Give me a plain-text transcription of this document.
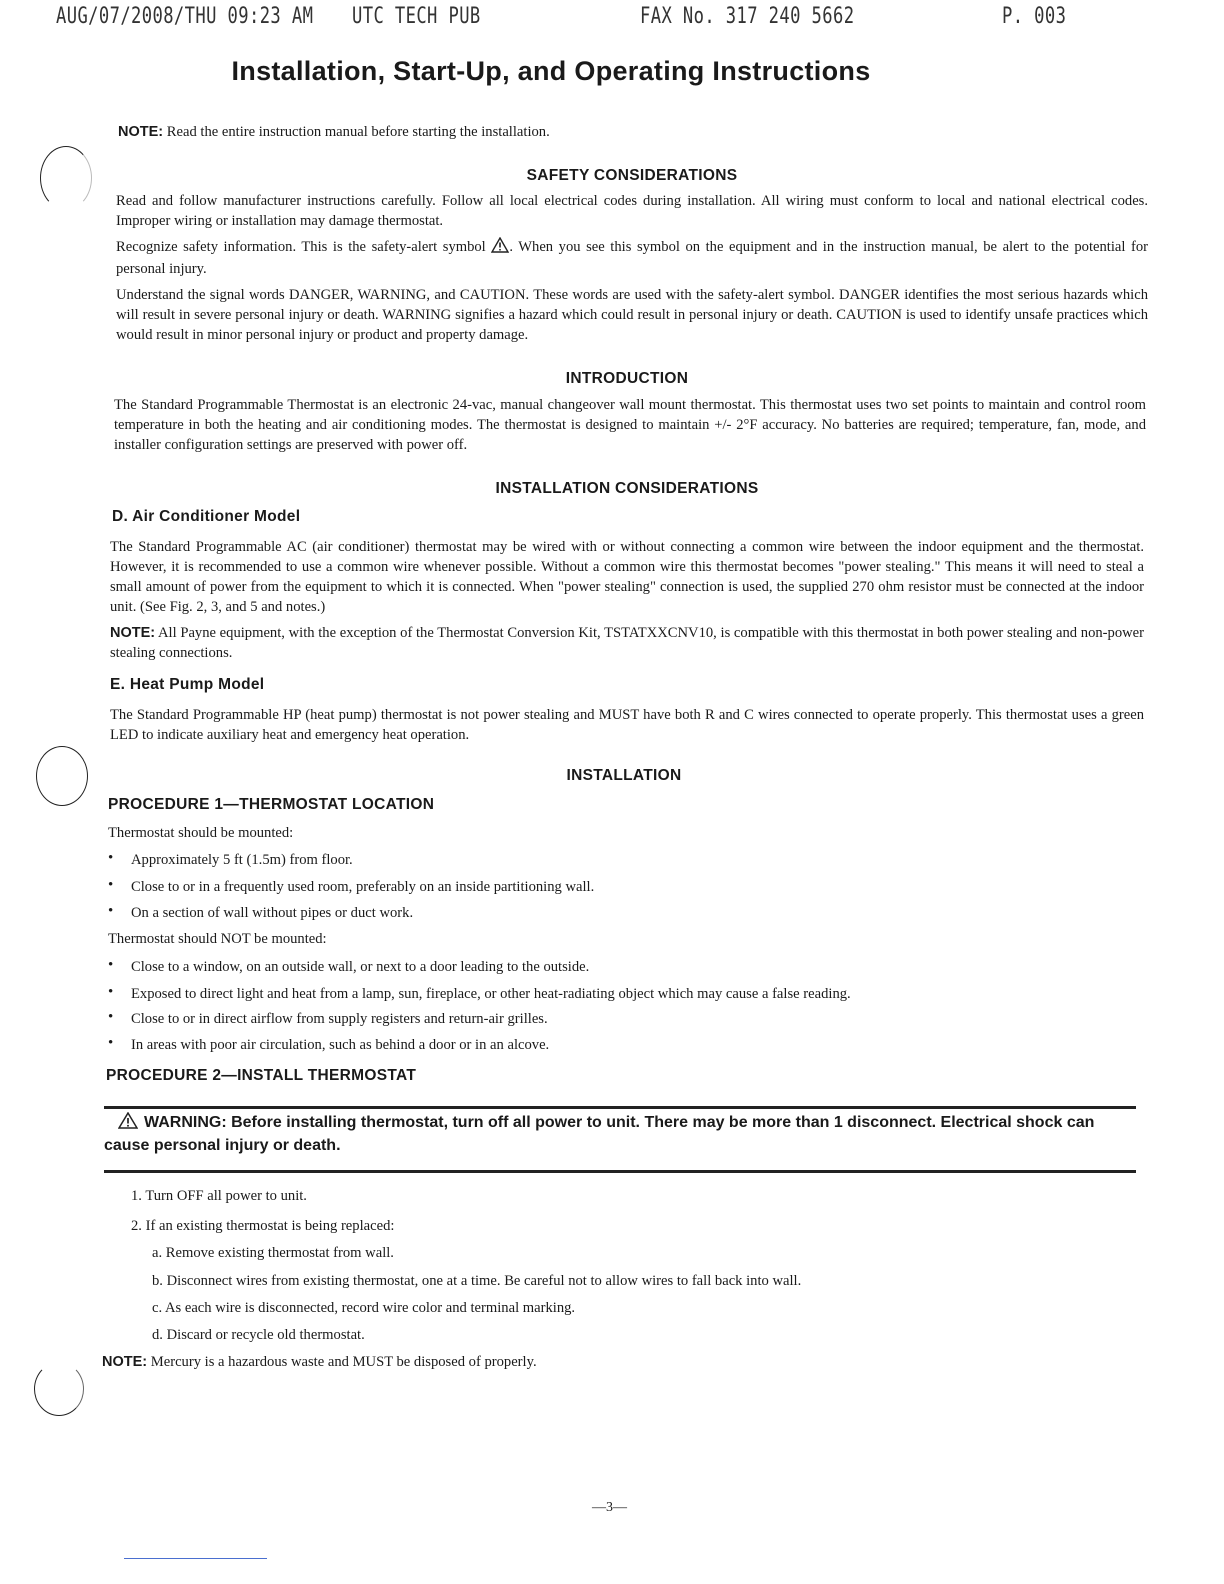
AUG/07/2008/THU 09:23 AM UTC TECH PUB	FAX No. 317 240 5662	P. 003
Installation, Start-Up, and Operating Instructions
NOTE: Read the entire instruction manual before starting the installation.
SAFETY CONSIDERATIONS

Read and follow manufacturer instructions carefully. Follow all local electrical codes during installation. All wiring must conform to local and national electrical codes. Improper wiring or installation may damage thermostat.

Recognize safety information. This is the safety-alert symbol . When you see this symbol on the equipment and in the instruction manual, be alert to the potential for personal injury.

Understand the signal words DANGER, WARNING, and CAUTION. These words are used with the safety-alert symbol. DANGER identifies the most serious hazards which will result in severe personal injury or death. WARNING signifies a hazard which could result in personal injury or death. CAUTION is used to identify unsafe practices which would result in minor personal injury or product and property damage.

INTRODUCTION

The Standard Programmable Thermostat is an electronic 24-vac, manual changeover wall mount thermostat. This thermostat uses two set points to maintain and control room temperature in both the heating and air conditioning modes. The thermostat is designed to maintain +/- 2°F accuracy. No batteries are required; temperature, fan, mode, and installer configuration settings are preserved with power off.

INSTALLATION CONSIDERATIONS
D. Air Conditioner Model

The Standard Programmable AC (air conditioner) thermostat may be wired with or without connecting a common wire between the indoor equipment and the thermostat. However, it is recommended to use a common wire whenever possible. Without a common wire this thermostat becomes "power stealing." This means it will need to steal a small amount of power from the equipment to which it is connected. When "power stealing" connection is used, the supplied 270 ohm resistor must be connected at the indoor unit. (See Fig. 2, 3, and 5 and notes.)

NOTE: All Payne equipment, with the exception of the Thermostat Conversion Kit, TSTATXXCNV10, is compatible with this thermostat in both power stealing and non-power stealing connections.

E. Heat Pump Model

The Standard Programmable HP (heat pump) thermostat is not power stealing and MUST have both R and C wires connected to operate properly. This thermostat uses a green LED to indicate auxiliary heat and emergency heat operation.

INSTALLATION
PROCEDURE 1—THERMOSTAT LOCATION
Thermostat should be mounted:
• Approximately 5 ft (1.5m) from floor.
• Close to or in a frequently used room, preferably on an inside partitioning wall.
• On a section of wall without pipes or duct work.
Thermostat should NOT be mounted:
• Close to a window, on an outside wall, or next to a door leading to the outside.
• Exposed to direct light and heat from a lamp, sun, fireplace, or other heat-radiating object which may cause a false reading.
• Close to or in direct airflow from supply registers and return-air grilles.
• In areas with poor air circulation, such as behind a door or in an alcove.
PROCEDURE 2—INSTALL THERMOSTAT
WARNING: Before installing thermostat, turn off all power to unit. There may be more than 1 disconnect. Electrical shock can cause personal injury or death.
1. Turn OFF all power to unit.
2. If an existing thermostat is being replaced:
a. Remove existing thermostat from wall.
b. Disconnect wires from existing thermostat, one at a time. Be careful not to allow wires to fall back into wall.
c. As each wire is disconnected, record wire color and terminal marking.
d. Discard or recycle old thermostat.
NOTE: Mercury is a hazardous waste and MUST be disposed of properly.
—3—
